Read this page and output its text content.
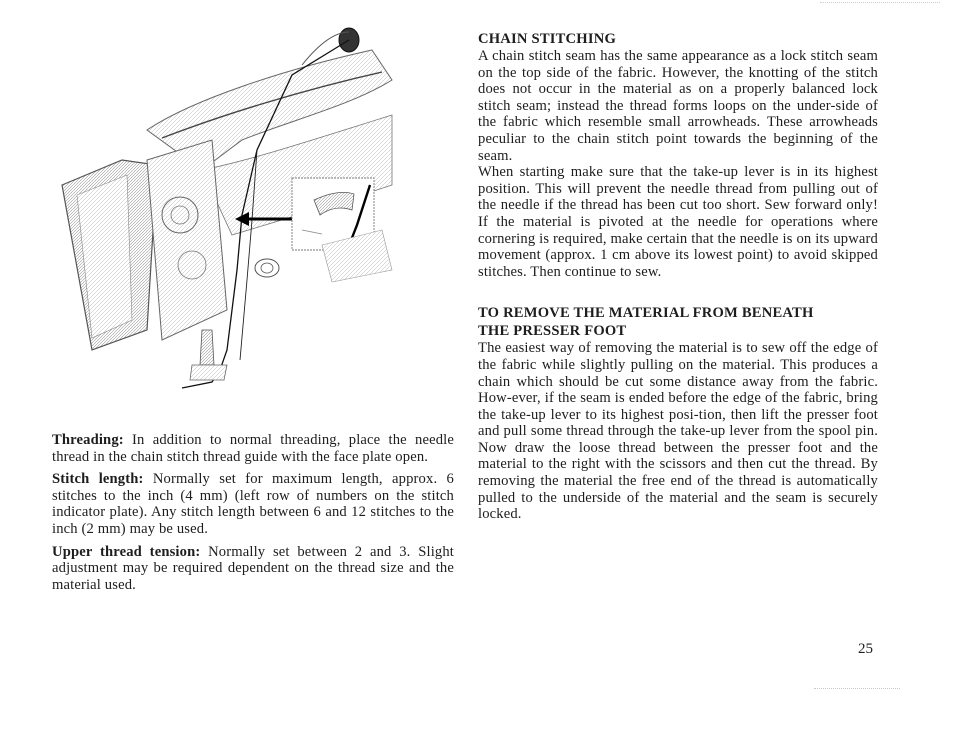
Threading: In addition to normal threading, place the needle thread in the chain stitch thread guide with the face plate open.

Stitch length: Normally set for maximum length, approx. 6 stitches to the inch (4 mm) (left row of numbers on the stitch indicator plate). Any stitch length between 6 and 12 stitches to the inch (2 mm) may be used.

Upper thread tension: Normally set between 2 and 3. Slight adjustment may be required dependent on the thread size and the material used.

CHAIN STITCHING

A chain stitch seam has the same appearance as a lock stitch seam on the top side of the fabric. However, the knotting of the stitch does not occur in the material as on a properly balanced lock stitch seam; instead the thread forms loops on the under-side of the fabric which resemble small arrowheads. These arrowheads peculiar to the chain stitch point towards the beginning of the seam.

When starting make sure that the take-up lever is in its highest position. This will prevent the needle thread from pulling out of the needle if the thread has been cut too short. Sew forward only! If the material is pivoted at the needle for operations where cornering is required, make certain that the needle is on its upward movement (approx. 1 cm above its lowest point) to avoid skipped stitches. Then continue to sew.

TO REMOVE THE MATERIAL FROM BENEATH
THE PRESSER FOOT

The easiest way of removing the material is to sew off the edge of the fabric while slightly pulling on the material. This produces a chain which should be cut some distance away from the fabric. How-ever, if the seam is ended before the edge of the fabric, bring the take-up lever to its highest posi-tion, then lift the presser foot and pull some thread through the take-up lever from the spool pin. Now draw the loose thread between the presser foot and the material to the right with the scissors and then cut the thread. By removing the material the free end of the thread is automatically pulled to the underside of the material and the seam is securely locked.

25
